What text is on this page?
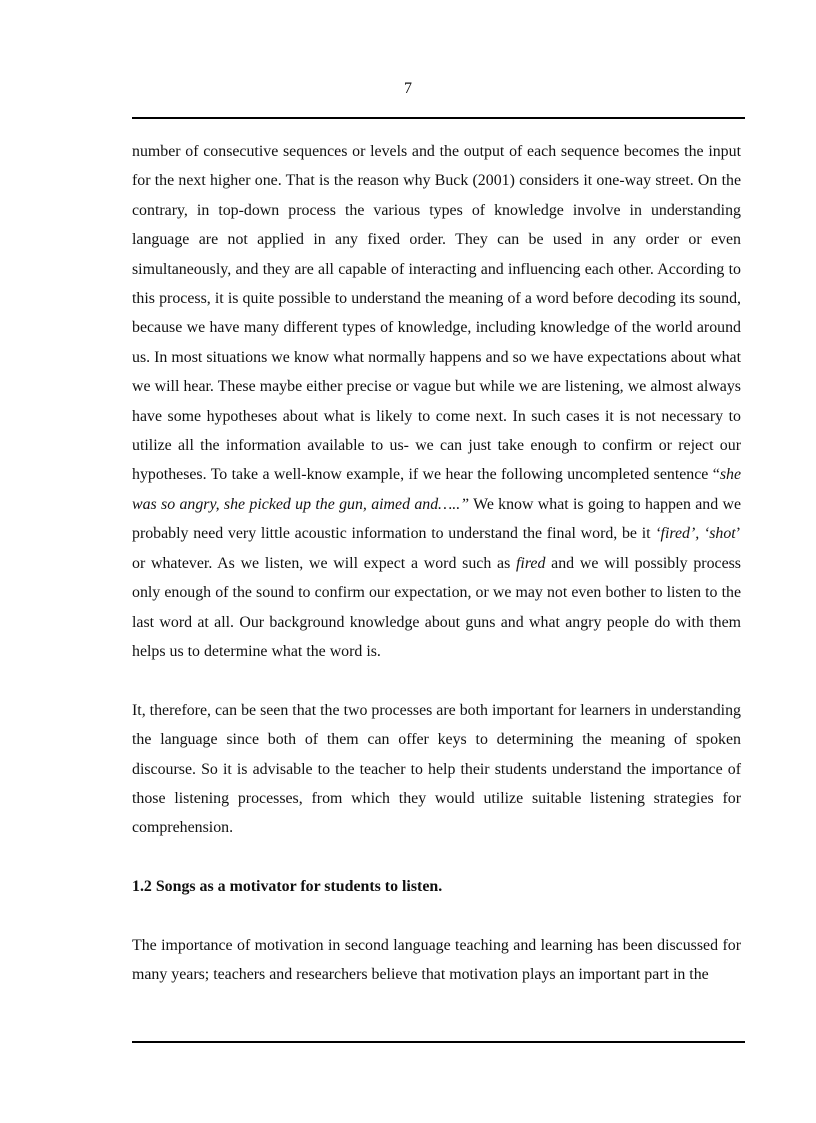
7

number of consecutive sequences or levels and the output of each sequence becomes the input for the next higher one. That is the reason why Buck (2001) considers it one-way street. On the contrary, in top-down process the various types of knowledge involve in understanding language are not applied in any fixed order. They can be used in any order or even simultaneously, and they are all capable of interacting and influencing each other. According to this process, it is quite possible to understand the meaning of a word before decoding its sound, because we have many different types of knowledge, including knowledge of the world around us. In most situations we know what normally happens and so we have expectations about what we will hear. These maybe either precise or vague but while we are listening, we almost always have some hypotheses about what is likely to come next. In such cases it is not necessary to utilize all the information available to us- we can just take enough to confirm or reject our hypotheses. To take a well-know example, if we hear the following uncompleted sentence “she was so angry, she picked up the gun, aimed and…..” We know what is going to happen and we probably need very little acoustic information to understand the final word, be it ‘fired’, ‘shot’ or whatever. As we listen, we will expect a word such as fired and we will possibly process only enough of the sound to confirm our expectation, or we may not even bother to listen to the last word at all. Our background knowledge about guns and what angry people do with them helps us to determine what the word is.

It, therefore, can be seen that the two processes are both important for learners in understanding the language since both of them can offer keys to determining the meaning of spoken discourse. So it is advisable to the teacher to help their students understand the importance of those listening processes, from which they would utilize suitable listening strategies for comprehension.

1.2 Songs as a motivator for students to listen.

The importance of motivation in second language teaching and learning has been discussed for many years; teachers and researchers believe that motivation plays an important part in the
